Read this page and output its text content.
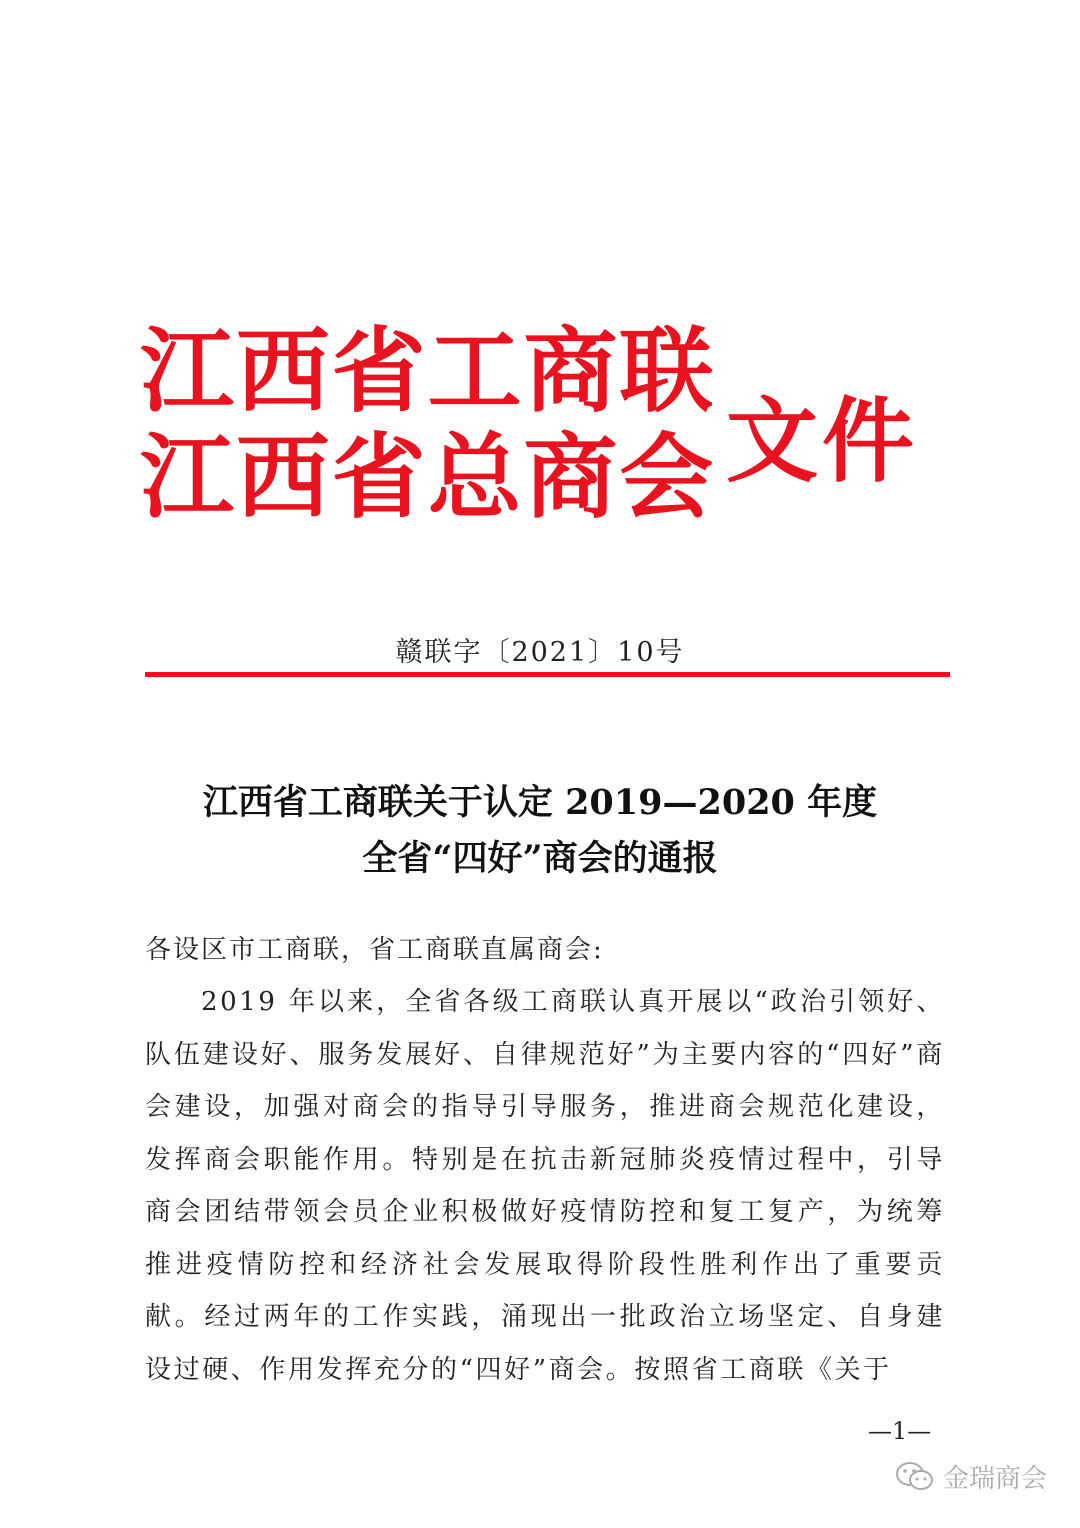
江西省工商联
江西省总商会 文件
赣联字〔2021〕10号
江西省工商联关于认定 2019—2020 年度
全省“四好”商会的通报
各设区市工商联，省工商联直属商会:
2019 年以来，全省各级工商联认真开展以“政治引领好、队伍建设好、服务发展好、自律规范好”为主要内容的“四好”商会建设，加强对商会的指导引导服务，推进商会规范化建设，发挥商会职能作用。特别是在抗击新冠肺炎疫情过程中，引导商会团结带领会员企业积极做好疫情防控和复工复产，为统筹推进疫情防控和经济社会发展取得阶段性胜利作出了重要贡献。经过两年的工作实践，涌现出一批政治立场坚定、自身建设过硬、作用发挥充分的“四好”商会。按照省工商联《关于
—1—
金瑞商会
